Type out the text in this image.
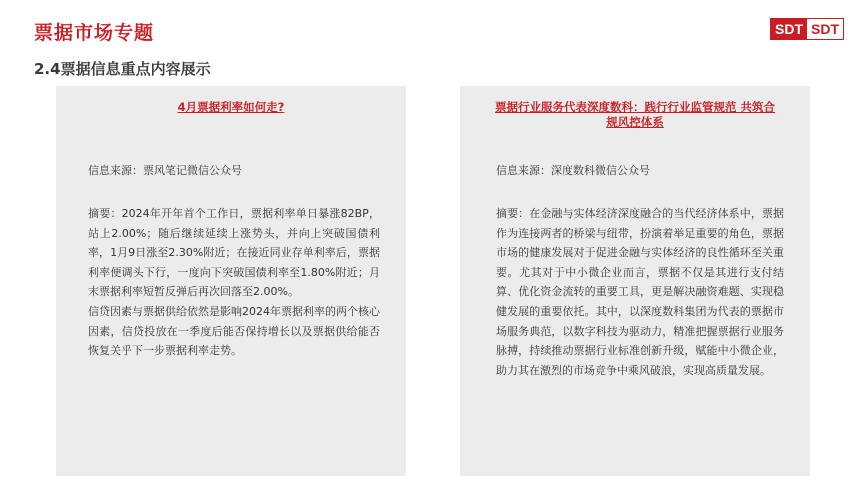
票据市场专题	SDT SDT
2.4票据信息重点内容展示
4月票据利率如何走?
信息来源：票风笔记微信公众号

摘要：2024年开年首个工作日，票据利率单日暴涨82BP，站上2.00%；随后继续延续上涨势头，并向上突破国债利率，1月9日涨至2.30%附近；在接近同业存单利率后，票据利率便调头下行，一度向下突破国债利率至1.80%附近；月末票据利率短暂反弹后再次回落至2.00%。

信贷因素与票据供给依然是影响2024年票据利率的两个核心因素，信贷投放在一季度后能否保持增长以及票据供给能否恢复关乎下一步票据利率走势。

票据行业服务代表深度数科：践行行业监管规范 共筑合规风控体系
信息来源：深度数科微信公众号

摘要：在金融与实体经济深度融合的当代经济体系中，票据作为连接两者的桥梁与纽带，扮演着举足重要的角色，票据市场的健康发展对于促进金融与实体经济的良性循环至关重要。尤其对于中小微企业而言，票据不仅是其进行支付结算、优化资金流转的重要工具，更是解决融资难题、实现稳健发展的重要依托。其中，以深度数科集团为代表的票据市场服务典范，以数字科技为驱动力，精准把握票据行业服务脉搏，持续推动票据行业标准创新升级，赋能中小微企业，助力其在激烈的市场竞争中乘风破浪，实现高质量发展。
